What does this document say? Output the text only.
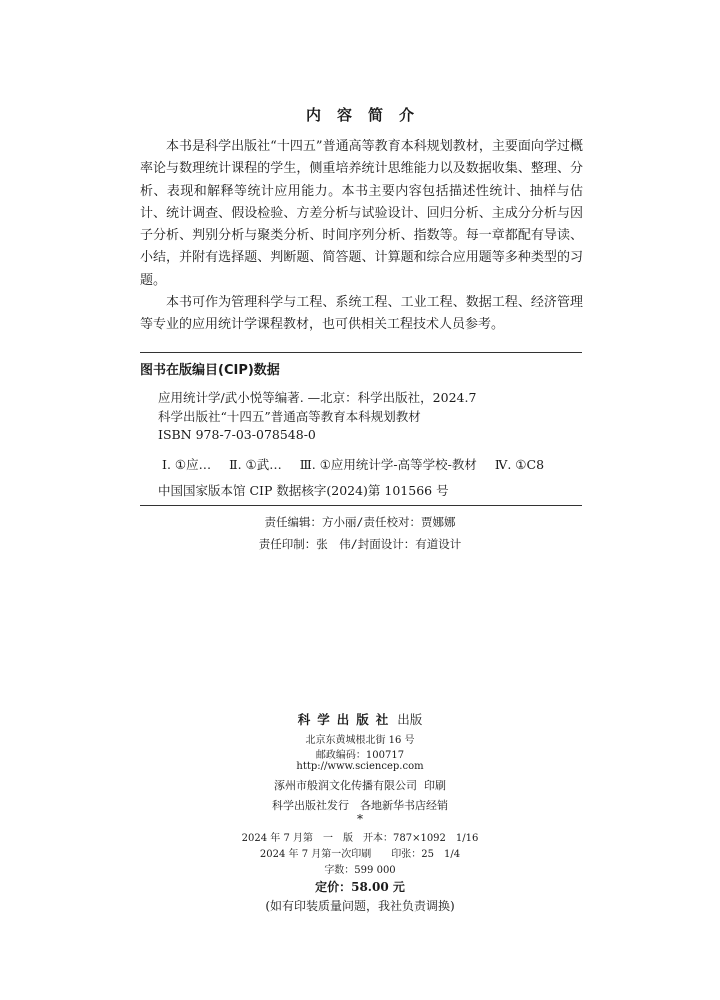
内容简介

本书是科学出版社“十四五”普通高等教育本科规划教材，主要面向学过概率论与数理统计课程的学生，侧重培养统计思维能力以及数据收集、整理、分析、表现和解释等统计应用能力。本书主要内容包括描述性统计、抽样与估计、统计调查、假设检验、方差分析与试验设计、回归分析、主成分分析与因子分析、判别分析与聚类分析、时间序列分析、指数等。每一章都配有导读、小结，并附有选择题、判断题、简答题、计算题和综合应用题等多种类型的习题。

本书可作为管理科学与工程、系统工程、工业工程、数据工程、经济管理等专业的应用统计学课程教材，也可供相关工程技术人员参考。

图书在版编目(CIP)数据
应用统计学/武小悦等编著. —北京：科学出版社，2024.7
科学出版社“十四五”普通高等教育本科规划教材
ISBN 978-7-03-078548-0
Ⅰ. ①应… Ⅱ. ①武… Ⅲ. ①应用统计学-高等学校-教材 Ⅳ. ①C8
中国国家版本馆 CIP 数据核字(2024)第 101566 号
责任编辑：方小丽/责任校对：贾娜娜
责任印制：张　伟/封面设计：有道设计
科学出版社 出版
北京东黄城根北街 16 号
邮政编码：100717
http://www.sciencep.com
涿州市般润文化传播有限公司  印刷
科学出版社发行　各地新华书店经销
*
2024 年 7 月第　一　版　开本：787×1092　1/16
2024 年 7 月第一次印刷　　印张：25　1/4
字数：599 000
定价：58.00 元
(如有印装质量问题，我社负责调换)
